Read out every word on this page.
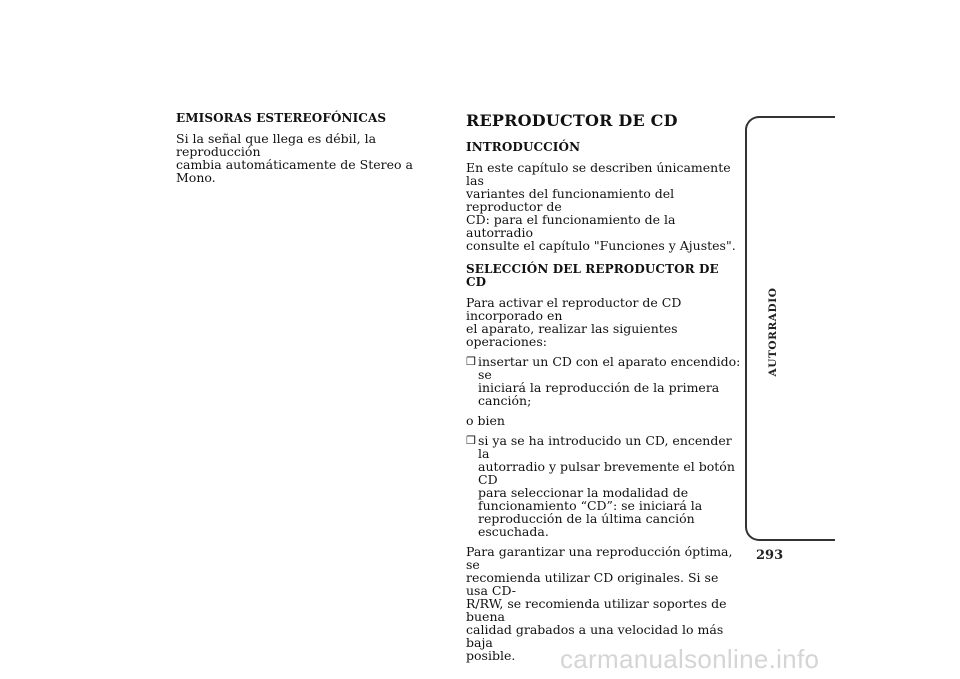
EMISORAS ESTEREOFÓNICAS

Si la señal que llega es débil, la reproducción

cambia automáticamente de Stereo a Mono.

REPRODUCTOR DE CD

INTRODUCCIÓN

En este capítulo se describen únicamente las

variantes del funcionamiento del reproductor de

CD: para el funcionamiento de la autorradio

consulte el capítulo "Funciones y Ajustes".

SELECCIÓN DEL REPRODUCTOR DE CD

Para activar el reproductor de CD incorporado en

el aparato, realizar las siguientes operaciones:

❒ insertar un CD con el aparato encendido: se

iniciará la reproducción de la primera canción;

o bien

❒ si ya se ha introducido un CD, encender la

autorradio y pulsar brevemente el botón CD

para seleccionar la modalidad de

funcionamiento “CD”: se iniciará la

reproducción de la última canción escuchada.

Para garantizar una reproducción óptima, se

recomienda utilizar CD originales. Si se usa CD-

R/RW, se recomienda utilizar soportes de buena

calidad grabados a una velocidad lo más baja

posible.

AUTORRADIO
293
carmanualsonline.info
